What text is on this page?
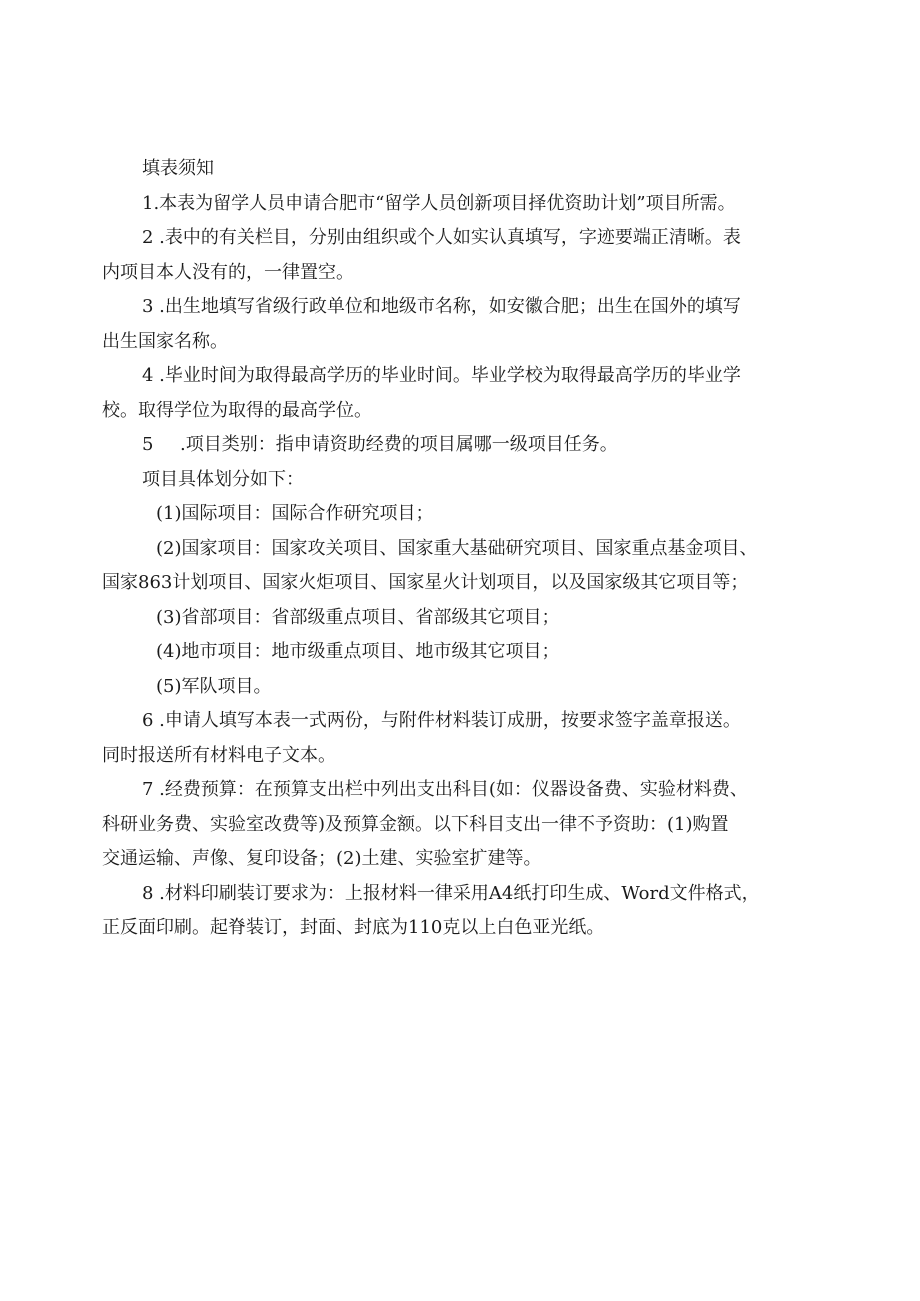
填表须知
1.本表为留学人员申请合肥市“留学人员创新项目择优资助计划”项目所需。
2 .表中的有关栏目，分别由组织或个人如实认真填写，字迹要端正清晰。表
内项目本人没有的，一律置空。
3 .出生地填写省级行政单位和地级市名称，如安徽合肥；出生在国外的填写
出生国家名称。
4 .毕业时间为取得最高学历的毕业时间。毕业学校为取得最高学历的毕业学
校。取得学位为取得的最高学位。
5 .项目类别：指申请资助经费的项目属哪一级项目任务。
项目具体划分如下：
(1)国际项目：国际合作研究项目；
(2)国家项目：国家攻关项目、国家重大基础研究项目、国家重点基金项目、
国家863计划项目、国家火炬项目、国家星火计划项目，以及国家级其它项目等；
(3)省部项目：省部级重点项目、省部级其它项目；
(4)地市项目：地市级重点项目、地市级其它项目；
(5)军队项目。
6 .申请人填写本表一式两份，与附件材料装订成册，按要求签字盖章报送。
同时报送所有材料电子文本。
7 .经费预算：在预算支出栏中列出支出科目(如：仪器设备费、实验材料费、
科研业务费、实验室改费等)及预算金额。以下科目支出一律不予资助：(1)购置
交通运输、声像、复印设备；(2)土建、实验室扩建等。
8 .材料印刷装订要求为：上报材料一律采用A4纸打印生成、Word文件格式，
正反面印刷。起脊装订，封面、封底为110克以上白色亚光纸。
